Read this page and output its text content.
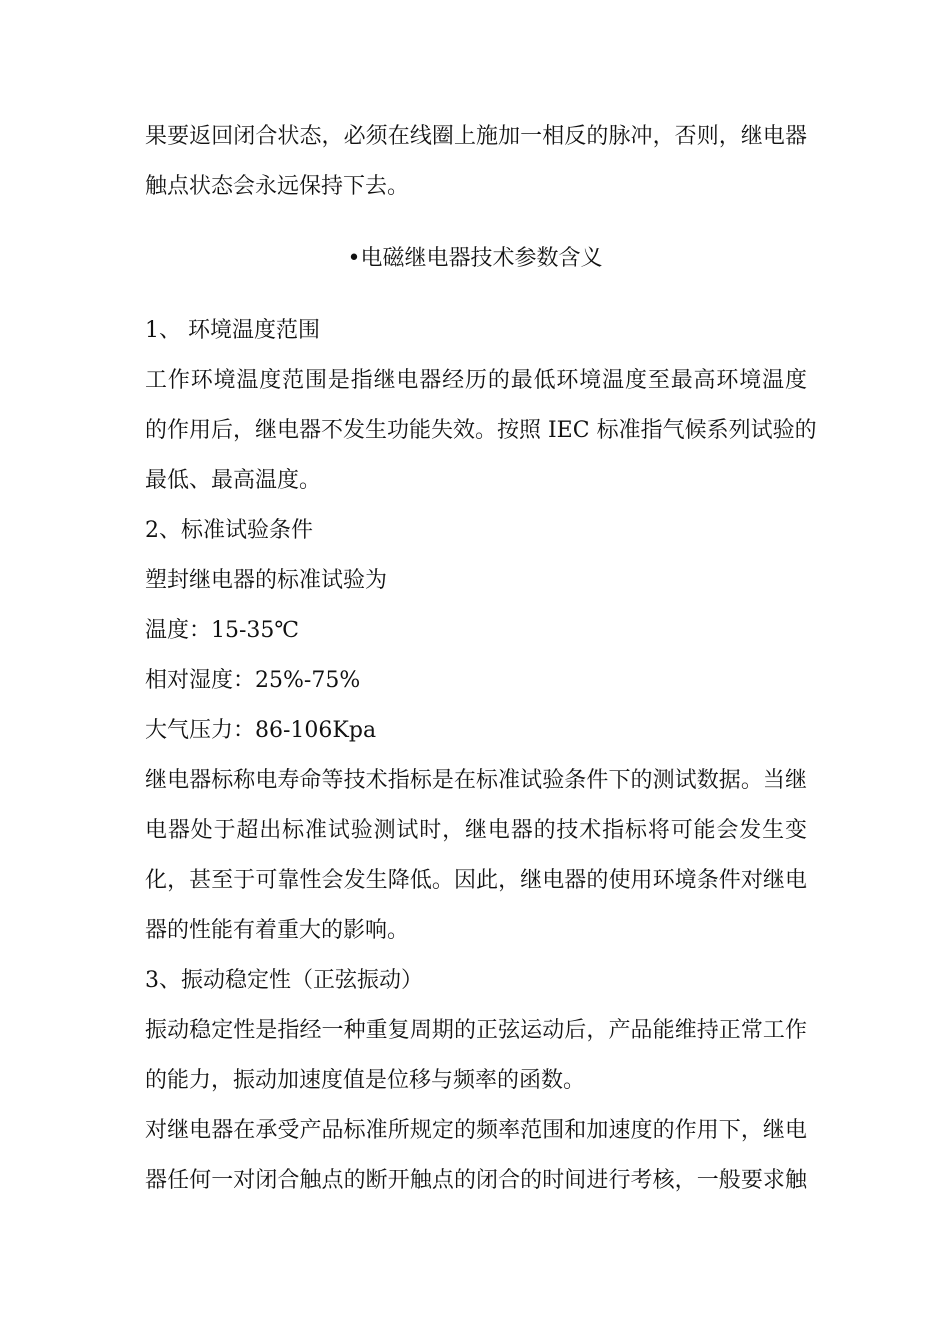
果要返回闭合状态，必须在线圈上施加一相反的脉冲，否则，继电器
触点状态会永远保持下去。
•电磁继电器技术参数含义
1、 环境温度范围
工作环境温度范围是指继电器经历的最低环境温度至最高环境温度
的作用后，继电器不发生功能失效。按照 IEC 标准指气候系列试验的
最低、最高温度。
2、标准试验条件
塑封继电器的标准试验为
温度：15-35℃
相对湿度：25%-75%
大气压力：86-106Kpa
继电器标称电寿命等技术指标是在标准试验条件下的测试数据。当继
电器处于超出标准试验测试时，继电器的技术指标将可能会发生变
化，甚至于可靠性会发生降低。因此，继电器的使用环境条件对继电
器的性能有着重大的影响。
3、振动稳定性（正弦振动）
振动稳定性是指经一种重复周期的正弦运动后，产品能维持正常工作
的能力，振动加速度值是位移与频率的函数。
对继电器在承受产品标准所规定的频率范围和加速度的作用下，继电
器任何一对闭合触点的断开触点的闭合的时间进行考核，一般要求触
